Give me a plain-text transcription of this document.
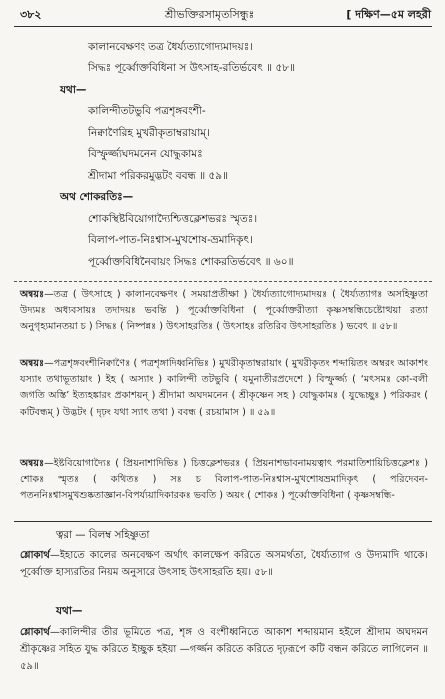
৩৮২	শ্রীভক্তিরসামৃতসিন্ধুঃ	[ দক্ষিণ—৫ম লহরী
কালানবেক্ষণং তত্র ধৈর্য্যত্যাগোদ্যমাদয়ঃ।
সিদ্ধঃ পূর্ব্বোক্তবিধিনা স উৎসাহ-রতির্ভবেৎ ॥ ৫৮॥
যথা—
কালিন্দীতটভুবি পত্রশৃঙ্গবংশী-
নিক্বাণৈরিহ মুখরীকৃতাম্বরায়াম্।
বিস্ফুর্জ্জ্যঘদমনেন যোদ্ধুকামঃ
শ্রীদামা পরিকরমুদ্ভটং ববন্ধ ॥ ৫৯॥
অথ শোকরতিঃ—
শোকস্থিষ্টবিয়োগাদ্যৈশ্চিত্তক্লেশভরঃ স্মৃতঃ।
বিলাপ-পাত-নিঃশ্বাস-মুখশোষ-ভ্রমাদিকৃৎ।
পূর্ব্বোক্তবিধিনৈবায়ং সিদ্ধঃ শোকরতির্ভবেৎ ॥ ৬০॥
অন্বয়ঃ—তত্র ( উৎসাহে ) কালানবেক্ষণং ( সময়াপ্রতীক্ষা ) ধৈর্য্যত্যাগোদ্যমাদয়ঃ ( ধৈর্য্যত্যাগঃ অসহিষ্ণুতা উদ্যমঃ অধ্যবসায়ঃ তদাদয়ঃ ভবন্তি ) পূর্ব্বোক্তবিধিনা ( পূর্ব্বোক্তরীত্যা কৃষ্ণসম্বন্ধিচেষ্টোত্থয়া রত্যা অনুগৃহ্যমানতয়া চ ) সিদ্ধঃ ( নিষ্পন্নঃ ) উৎসাহরতিঃ ( উৎসাহঃ রতিরিব উৎসাহরতিঃ ) ভবেৎ ॥ ৫৮॥
অন্বয়ঃ—পত্রশৃঙ্গবংশীনিক্বাণৈঃ ( পত্রশৃঙ্গাদিধ্বনিভিঃ ) মুখরীকৃতাম্বরায়াং ( মুখরীকৃতং শব্দায়িতং অম্বরং আকাশং যস্যাং তথাভূতায়াং ) ইহ ( অস্যাং ) কালিন্দী তটভুবি ( যমুনাতীরপ্রদেশে ) বিস্ফুর্জ্জ্য ( ‘মৎসমঃ কো-বলী জগতি অস্তি’ ইত্যহঙ্কারং প্রকাশয়ন্ ) শ্রীদামা অঘদমনেন ( শ্রীকৃষ্ণেন সহ ) যোদ্ধুকামঃ ( যুদ্ধেচ্ছুঃ ) পরিকরং ( কটিবন্ধম্ ) উদ্ভটং ( দৃঢ়ং যথা স্যাৎ তথা ) ববন্ধ ( রচয়ামাস ) ॥ ৫৯॥
অন্বয়ঃ—ইষ্টবিয়োগাদ্যৈঃ ( প্রিয়নাশাদিভিঃ ) চিত্তক্লেশভরঃ ( প্রিয়নাশভাবনাময়ত্বাৎ পরমাতিশায়িচিত্তক্লেশঃ ) শোকঃ স্মৃতঃ ( কথিতঃ ) সঃ চ বিলাপ-পাত-নিঃশ্বাস-মুখশোষভ্রমাদিকৃৎ ( পরিদেবন-পতননিঃশ্বাসমুখশুষ্কতাজ্ঞান-বিপর্য্যয়াদিকারকঃ ভবতি ) অয়ং ( শোকঃ ) পূর্ব্বোক্তবিধিনা ( কৃষ্ণসম্বন্ধি-
ত্বরা — বিলম্ব সহিষ্ণুতা
শ্লোকার্থ—ইহাতে কালের অনবেক্ষণ অর্থাৎ কালক্ষেপ করিতে অসমর্থতা, ধৈর্য্যত্যাগ ও উদ্যমাদি থাকে। পূর্ব্বোক্ত হাস্যরতির নিয়ম অনুসারে উৎসাহ উৎসাহরতি হয়। ৫৮॥
যথা—
শ্লোকার্থ—কালিন্দীর তীর ভূমিতে পত্র, শৃঙ্গ ও বংশীধ্বনিতে আকাশ শব্দায়মান হইলে শ্রীদাম অঘদমন শ্রীকৃষ্ণের সহিত যুদ্ধ করিতে ইচ্ছুক হইয়া —গর্জ্জন করিতে করিতে দৃঢ়রূপে কটি বন্ধন করিতে লাগিলেন ॥ ৫৯॥
